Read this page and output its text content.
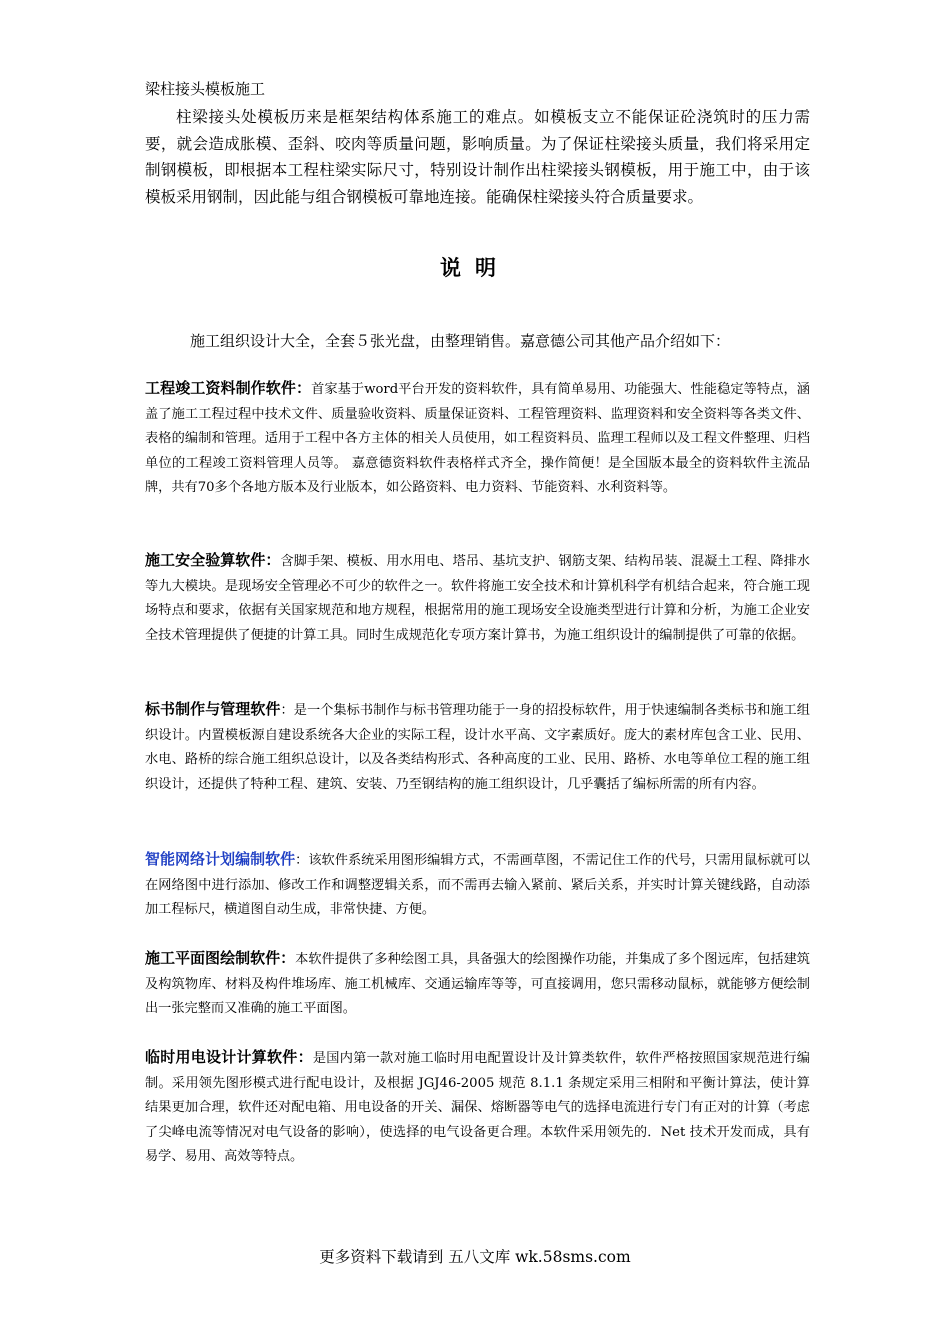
梁柱接头模板施工
柱梁接头处模板历来是框架结构体系施工的难点。如模板支立不能保证砼浇筑时的压力需要，就会造成胀模、歪斜、咬肉等质量问题，影响质量。为了保证柱梁接头质量，我们将采用定制钢模板，即根据本工程柱梁实际尺寸，特别设计制作出柱梁接头钢模板，用于施工中，由于该模板采用钢制，因此能与组合钢模板可靠地连接。能确保柱梁接头符合质量要求。
说明
施工组织设计大全，全套５张光盘，由整理销售。嘉意德公司其他产品介绍如下：
工程竣工资料制作软件：首家基于word平台开发的资料软件，具有简单易用、功能强大、性能稳定等特点，涵盖了施工工程过程中技术文件、质量验收资料、质量保证资料、工程管理资料、监理资料和安全资料等各类文件、表格的编制和管理。适用于工程中各方主体的相关人员使用，如工程资料员、监理工程师以及工程文件整理、归档单位的工程竣工资料管理人员等。 嘉意德资料软件表格样式齐全，操作简便！是全国版本最全的资料软件主流品牌，共有70多个各地方版本及行业版本，如公路资料、电力资料、节能资料、水利资料等。
施工安全验算软件：含脚手架、模板、用水用电、塔吊、基坑支护、钢筋支架、结构吊装、混凝土工程、降排水等九大模块。是现场安全管理必不可少的软件之一。软件将施工安全技术和计算机科学有机结合起来，符合施工现场特点和要求，依据有关国家规范和地方规程，根据常用的施工现场安全设施类型进行计算和分析，为施工企业安全技术管理提供了便捷的计算工具。同时生成规范化专项方案计算书，为施工组织设计的编制提供了可靠的依据。
标书制作与管理软件：是一个集标书制作与标书管理功能于一身的招投标软件，用于快速编制各类标书和施工组织设计。内置模板源自建设系统各大企业的实际工程，设计水平高、文字素质好。庞大的素材库包含工业、民用、水电、路桥的综合施工组织总设计，以及各类结构形式、各种高度的工业、民用、路桥、水电等单位工程的施工组织设计，还提供了特种工程、建筑、安装、乃至钢结构的施工组织设计，几乎囊括了编标所需的所有内容。
智能网络计划编制软件：该软件系统采用图形编辑方式，不需画草图，不需记住工作的代号，只需用鼠标就可以在网络图中进行添加、修改工作和调整逻辑关系，而不需再去输入紧前、紧后关系，并实时计算关键线路，自动添加工程标尺，横道图自动生成，非常快捷、方便。
施工平面图绘制软件：本软件提供了多种绘图工具，具备强大的绘图操作功能，并集成了多个图远库，包括建筑及构筑物库、材料及构件堆场库、施工机械库、交通运输库等等，可直接调用，您只需移动鼠标，就能够方便绘制出一张完整而又准确的施工平面图。
临时用电设计计算软件：是国内第一款对施工临时用电配置设计及计算类软件，软件严格按照国家规范进行编制。采用领先图形模式进行配电设计，及根据 JGJ46-2005 规范 8.1.1 条规定采用三相附和平衡计算法，使计算结果更加合理，软件还对配电箱、用电设备的开关、漏保、熔断器等电气的选择电流进行专门有正对的计算（考虑了尖峰电流等情况对电气设备的影响），使选择的电气设备更合理。本软件采用领先的．Net 技术开发而成，具有易学、易用、高效等特点。
更多资料下载请到 五八文库 wk.58sms.com
